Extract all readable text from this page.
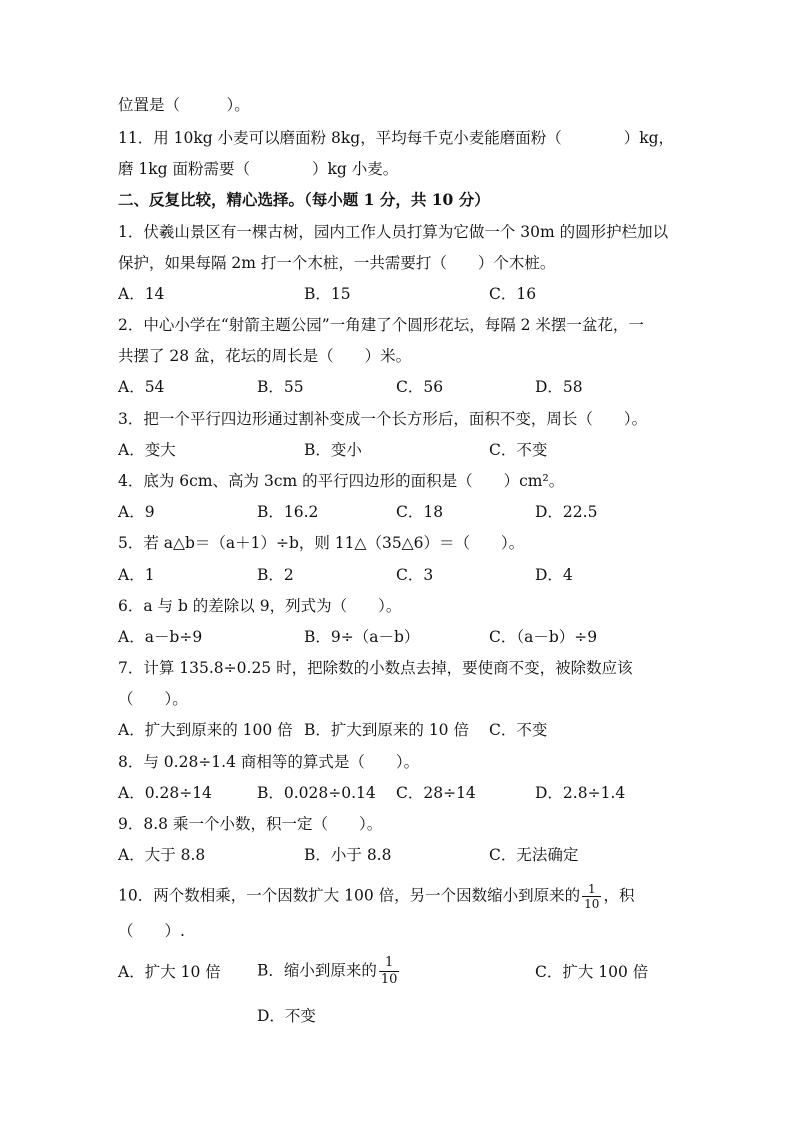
位置是（　　　）。

11．用 10kg 小麦可以磨面粉 8kg，平均每千克小麦能磨面粉（　　　　）kg，

磨 1kg 面粉需要（　　　　）kg 小麦。

二、反复比较，精心选择。（每小题 1 分，共 10 分）

1．伏羲山景区有一棵古树，园内工作人员打算为它做一个 30m 的圆形护栏加以

保护，如果每隔 2m 打一个木桩，一共需要打（　　）个木桩。

A．14	B．15	C．16

2．中心小学在“射箭主题公园”一角建了个圆形花坛，每隔 2 米摆一盆花，一

共摆了 28 盆，花坛的周长是（　　）米。

A．54	B．55	C．56	D．58

3．把一个平行四边形通过割补变成一个长方形后，面积不变，周长（　　）。

A．变大	B．变小	C．不变

4．底为 6cm、高为 3cm 的平行四边形的面积是（　　）cm²。

A．9	B．16.2	C．18	D．22.5

5．若 a△b＝（a＋1）÷b，则 11△（35△6）＝（　　）。

A．1	B．2	C．3	D．4

6．a 与 b 的差除以 9，列式为（　　）。

A．a－b÷9	B．9÷（a－b）	C．（a－b）÷9

7．计算 135.8÷0.25 时，把除数的小数点去掉，要使商不变，被除数应该

（　　）。

A．扩大到原来的 100 倍 B．扩大到原来的 10 倍 C．不变

8．与 0.28÷1.4 商相等的算式是（　　）。

A．0.28÷14	B．0.028÷0.14 C．28÷14	D．2.8÷1.4

9．8.8 乘一个小数，积一定（　　）。

A．大于 8.8	B．小于 8.8	C．无法确定

10．两个数相乘，一个因数扩大 100 倍，另一个因数缩小到原来的 $\frac{1}{10}$ ，积

（　　）.

A．扩大 10 倍 B．缩小到原来的 $\frac{1}{10}$	C．扩大 100 倍
D．不变
